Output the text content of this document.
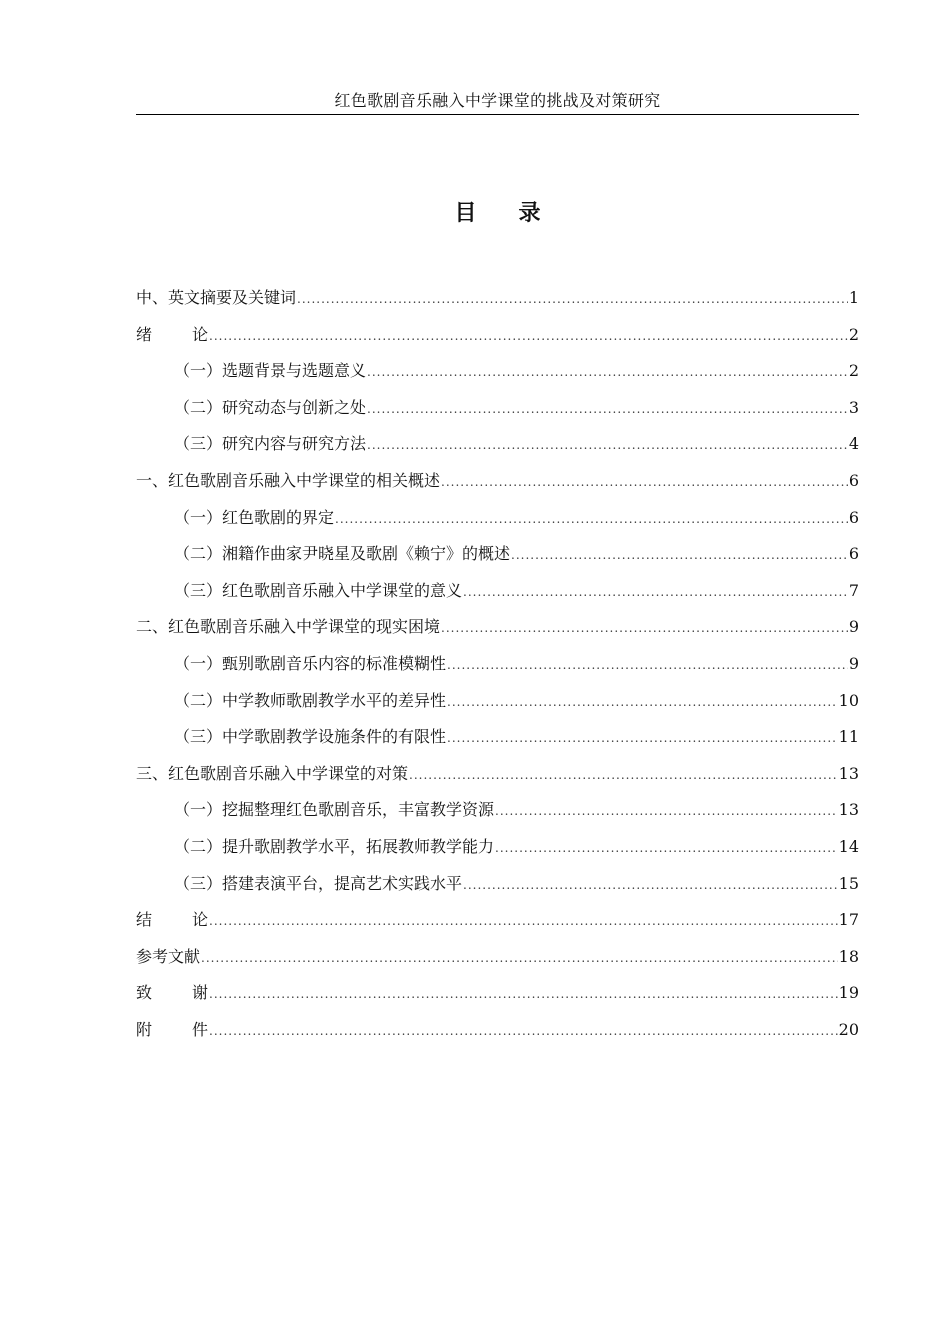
红色歌剧音乐融入中学课堂的挑战及对策研究
目 录
中、英文摘要及关键词 .....	1
绪	论 .....	2
（一）选题背景与选题意义 .....	2
（二）研究动态与创新之处 .....	3
（三）研究内容与研究方法 .....	4
一、红色歌剧音乐融入中学课堂的相关概述 .....	6
（一）红色歌剧的界定 .....	6
（二）湘籍作曲家尹晓星及歌剧《赖宁》的概述 .....	6
（三）红色歌剧音乐融入中学课堂的意义 .....	7
二、红色歌剧音乐融入中学课堂的现实困境 .....	9
（一）甄别歌剧音乐内容的标准模糊性 .....	9
（二）中学教师歌剧教学水平的差异性 .....	10
（三）中学歌剧教学设施条件的有限性 .....	11
三、红色歌剧音乐融入中学课堂的对策 .....	13
（一）挖掘整理红色歌剧音乐，丰富教学资源 .....	13
（二）提升歌剧教学水平，拓展教师教学能力 .....	14
（三）搭建表演平台，提高艺术实践水平 .....	15
结	论 .....	17
参考文献 .....	18
致	谢 .....	19
附	件 .....	20
